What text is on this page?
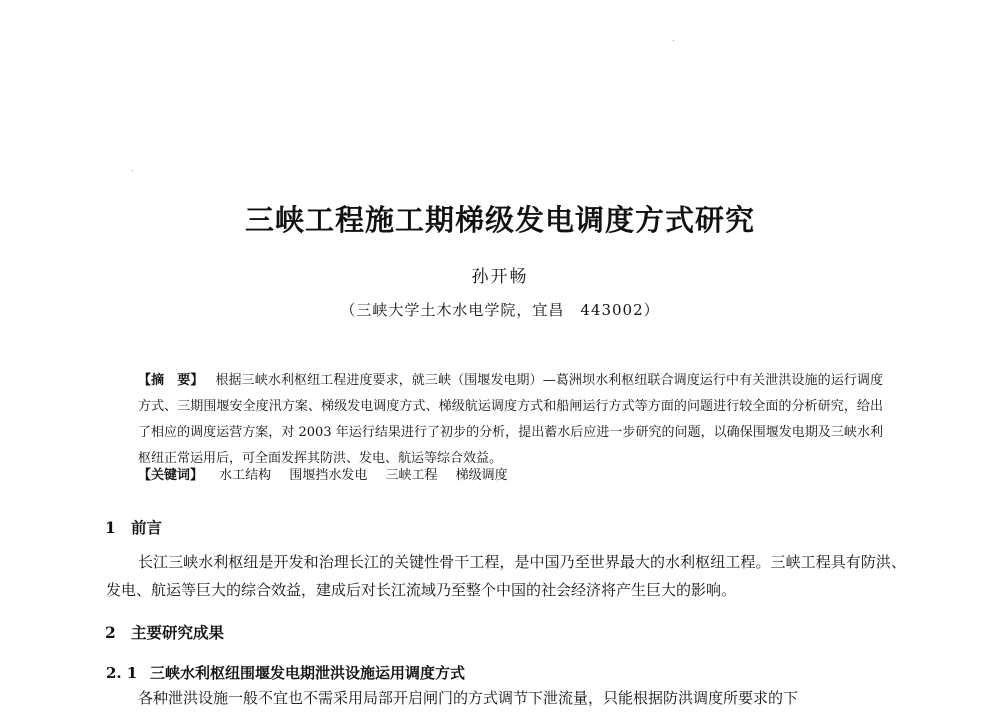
三峡工程施工期梯级发电调度方式研究
孙开畅
（三峡大学土木水电学院，宜昌　443002）
【摘　要】 根据三峡水利枢纽工程进度要求，就三峡（围堰发电期）—葛洲坝水利枢纽联合调度运行中有关泄洪设施的运行调度方式、三期围堰安全度汛方案、梯级发电调度方式、梯级航运调度方式和船闸运行方式等方面的问题进行较全面的分析研究，给出了相应的调度运营方案，对 2003 年运行结果进行了初步的分析，提出蓄水后应进一步研究的问题，以确保围堰发电期及三峡水利枢纽正常运用后，可全面发挥其防洪、发电、航运等综合效益。
【关键词】 水工结构 围堰挡水发电 三峡工程 梯级调度
1 前言
长江三峡水利枢纽是开发和治理长江的关键性骨干工程，是中国乃至世界最大的水利枢纽工程。三峡工程具有防洪、发电、航运等巨大的综合效益，建成后对长江流域乃至整个中国的社会经济将产生巨大的影响。
2 主要研究成果
2. 1 三峡水利枢纽围堰发电期泄洪设施运用调度方式
各种泄洪设施一般不宜也不需采用局部开启闸门的方式调节下泄流量，只能根据防洪调度所要求的下
